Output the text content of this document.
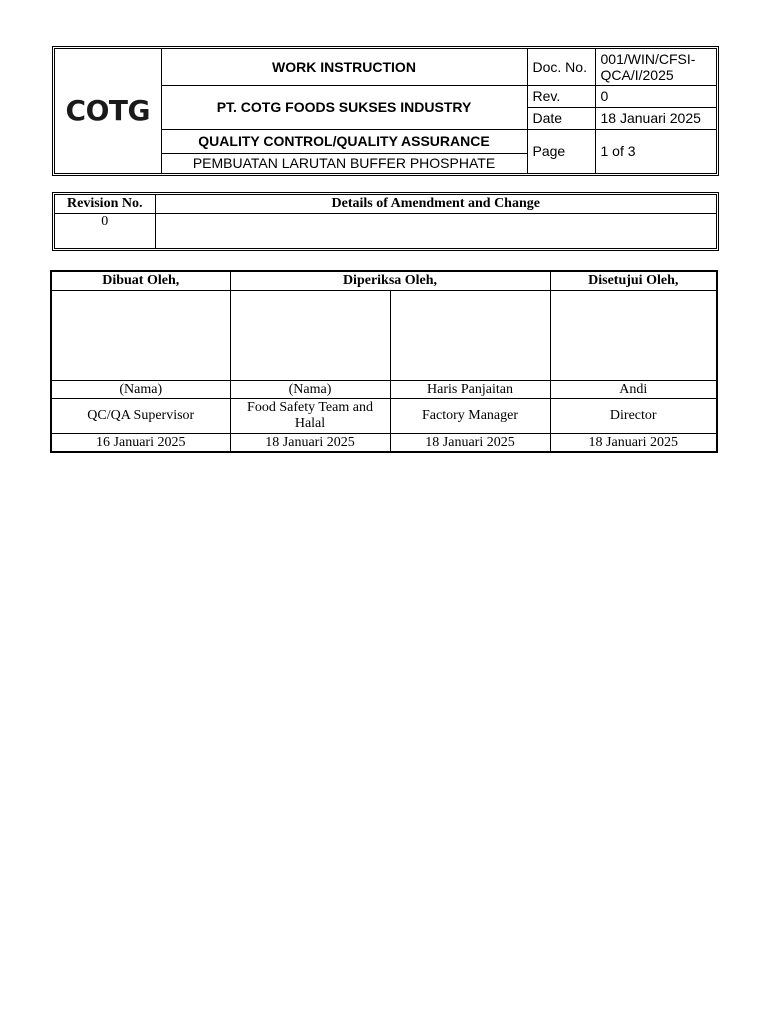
COTG	WORK INSTRUCTION	Doc. No.	001/WIN/CFSI-QCA/I/2025
	PT. COTG FOODS SUKSES INDUSTRY	Rev.	0
		Date	18 Januari 2025
	QUALITY CONTROL/QUALITY ASSURANCE	Page	1 of 3
	PEMBUATAN LARUTAN BUFFER PHOSPHATE		
Revision No.	Details of Amendment and Change
0	
Dibuat Oleh,	Diperiksa Oleh,		Disetujui Oleh,

(Nama)	(Nama)	Haris Panjaitan	Andi
QC/QA Supervisor	Food Safety Team and Halal	Factory Manager	Director
16 Januari 2025	18 Januari 2025	18 Januari 2025	18 Januari 2025
